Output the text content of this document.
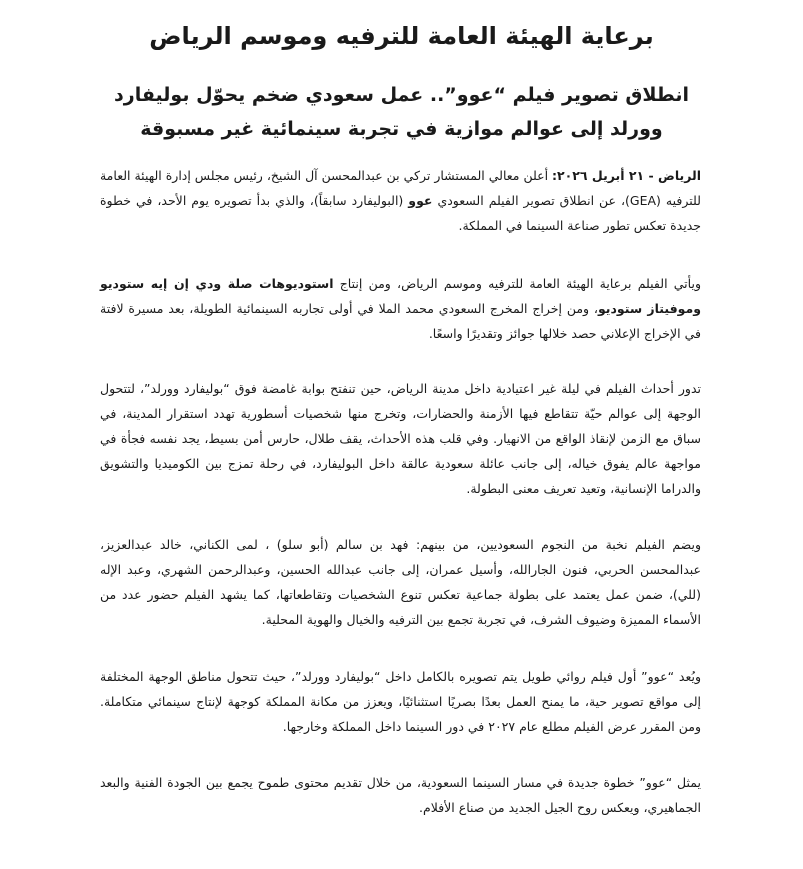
برعاية الهيئة العامة للترفيه وموسم الرياض
انطلاق تصوير فيلم “عوو”.. عمل سعودي ضخم يحوّل بوليفارد وورلد إلى عوالم موازية في تجربة سينمائية غير مسبوقة

الرياض - ٢١ أبريل ٢٠٢٦: أعلن معالي المستشار تركي بن عبدالمحسن آل الشيخ، رئيس مجلس إدارة الهيئة العامة للترفيه (GEA)، عن انطلاق تصوير الفيلم السعودي عوو (البوليفارد سابقاً)، والذي بدأ تصويره يوم الأحد، في خطوة جديدة تعكس تطور صناعة السينما في المملكة.

ويأتي الفيلم برعاية الهيئة العامة للترفيه وموسم الرياض، ومن إنتاج استوديوهات صلة ودي إن إيه ستوديو وموفيتاز ستوديو، ومن إخراج المخرج السعودي محمد الملا في أولى تجاربه السينمائية الطويلة، بعد مسيرة لافتة في الإخراج الإعلاني حصد خلالها جوائز وتقديرًا واسعًا.

تدور أحداث الفيلم في ليلة غير اعتيادية داخل مدينة الرياض، حين تنفتح بوابة غامضة فوق “بوليفارد وورلد”، لتتحول الوجهة إلى عوالم حيّة تتقاطع فيها الأزمنة والحضارات، وتخرج منها شخصيات أسطورية تهدد استقرار المدينة، في سباق مع الزمن لإنقاذ الواقع من الانهيار. وفي قلب هذه الأحداث، يقف طلال، حارس أمن بسيط، يجد نفسه فجأة في مواجهة عالم يفوق خياله، إلى جانب عائلة سعودية عالقة داخل البوليفارد، في رحلة تمزج بين الكوميديا والتشويق والدراما الإنسانية، وتعيد تعريف معنى البطولة.

ويضم الفيلم نخبة من النجوم السعوديين، من بينهم: فهد بن سالم (أبو سلو) ، لمى الكناني، خالد عبدالعزيز، عبدالمحسن الحربي، فنون الجارالله، وأسيل عمران، إلى جانب عبدالله الحسين، وعبدالرحمن الشهري، وعبد الإله (للي)، ضمن عمل يعتمد على بطولة جماعية تعكس تنوع الشخصيات وتقاطعاتها، كما يشهد الفيلم حضور عدد من الأسماء المميزة وضيوف الشرف، في تجربة تجمع بين الترفيه والخيال والهوية المحلية.

ويُعد “عوو” أول فيلم روائي طويل يتم تصويره بالكامل داخل “بوليفارد وورلد”، حيث تتحول مناطق الوجهة المختلفة إلى مواقع تصوير حية، ما يمنح العمل بعدًا بصريًا استثنائيًا، ويعزز من مكانة المملكة كوجهة لإنتاج سينمائي متكاملة. ومن المقرر عرض الفيلم مطلع عام ٢٠٢٧ في دور السينما داخل المملكة وخارجها.

يمثل “عوو” خطوة جديدة في مسار السينما السعودية، من خلال تقديم محتوى طموح يجمع بين الجودة الفنية والبعد الجماهيري، ويعكس روح الجيل الجديد من صناع الأفلام.
